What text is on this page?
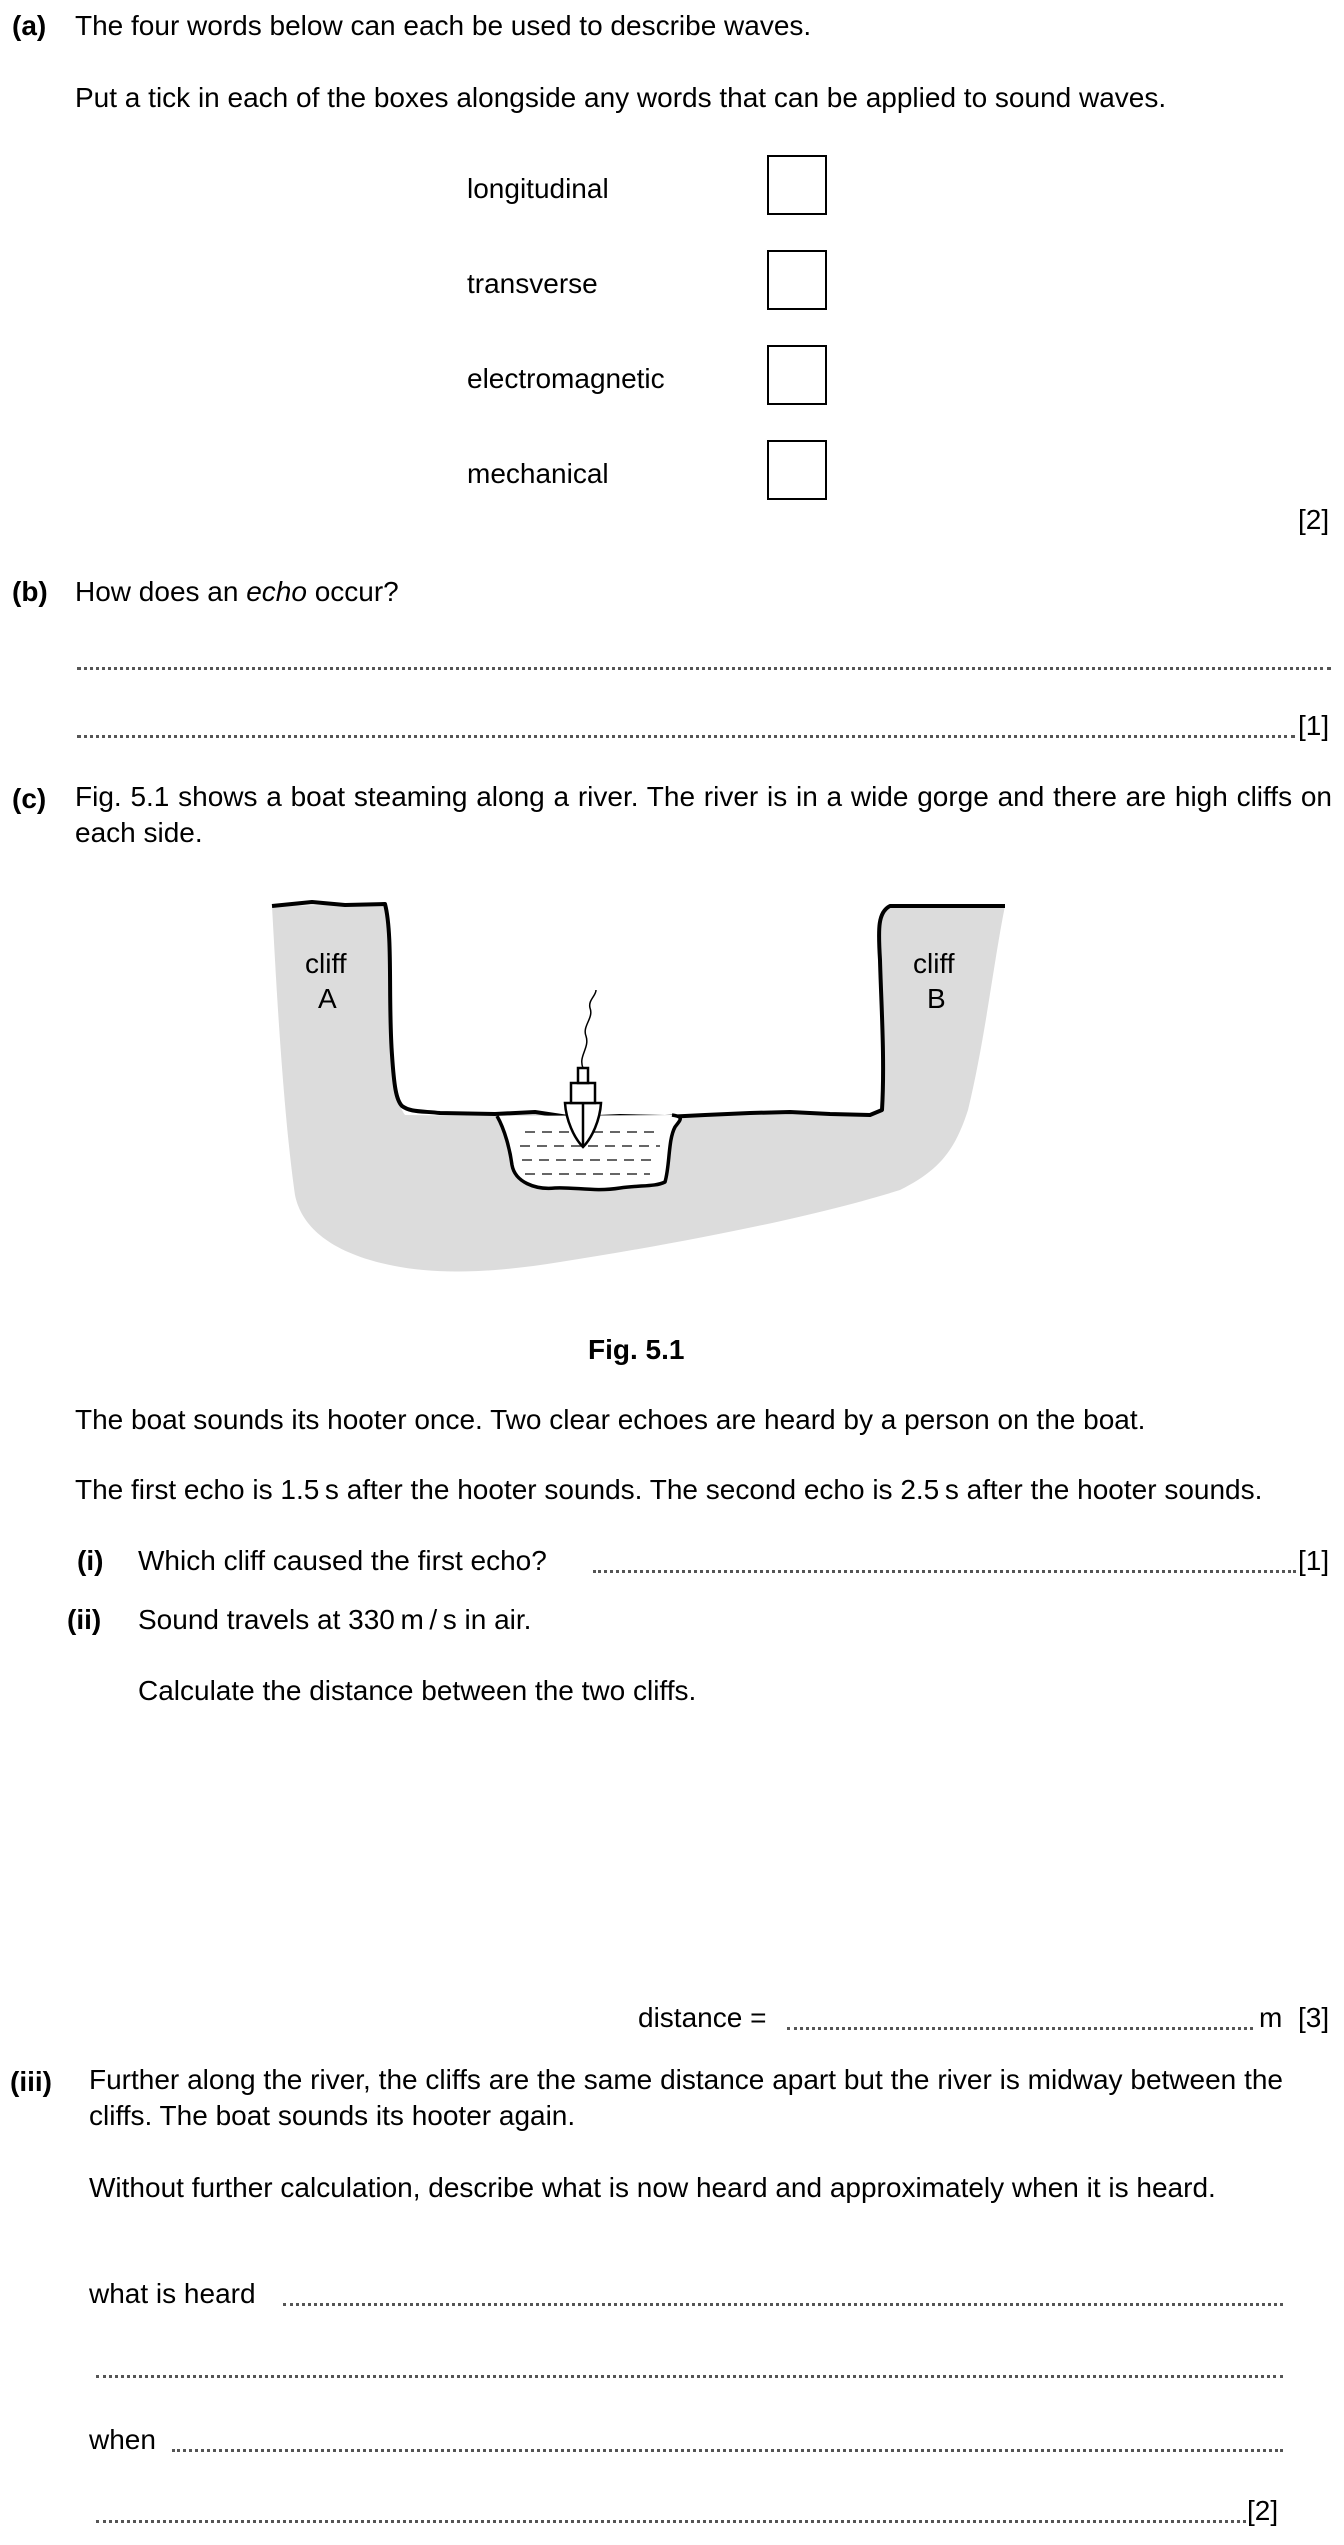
(a) The four words below can each be used to describe waves.
Put a tick in each of the boxes alongside any words that can be applied to sound waves.
longitudinal
transverse
electromagnetic
mechanical
[2]
(b) How does an echo occur?
[1]
(c) Fig. 5.1 shows a boat steaming along a river. The river is in a wide gorge and there are high cliffs on each side.
cliff
A
cliff
B
Fig. 5.1
The boat sounds its hooter once. Two clear echoes are heard by a person on the boat.
The first echo is 1.5 s after the hooter sounds. The second echo is 2.5 s after the hooter sounds.
(i) Which cliff caused the first echo?	[1]
(ii) Sound travels at 330 m / s in air.
Calculate the distance between the two cliffs.
distance =	m [3]
(iii) Further along the river, the cliffs are the same distance apart but the river is midway between the cliffs. The boat sounds its hooter again.
Without further calculation, describe what is now heard and approximately when it is heard.
what is heard
when
[2]
